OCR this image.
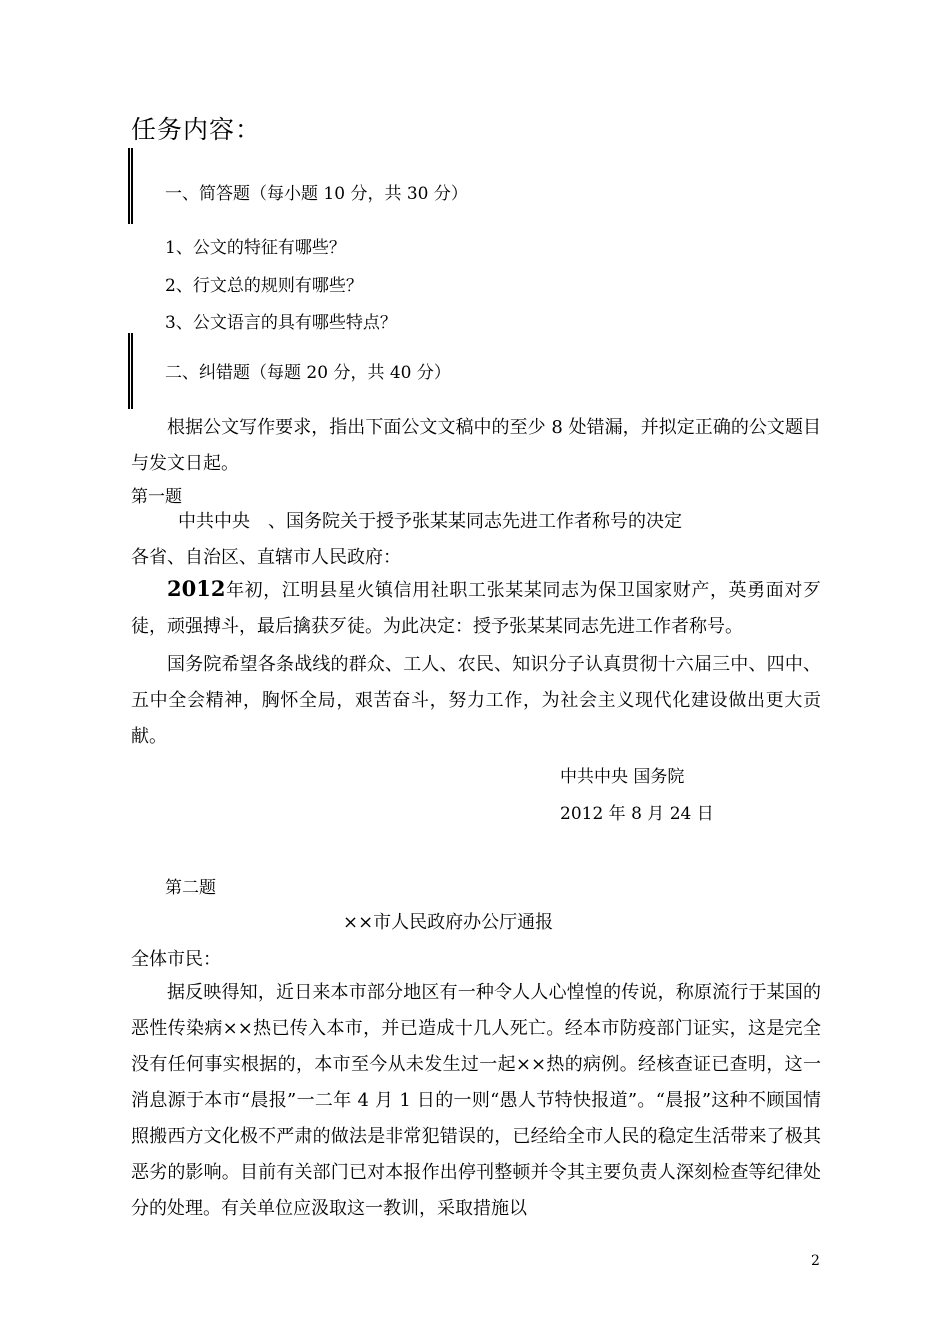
任务内容：
一、简答题（每小题 10 分，共 30 分）
1、公文的特征有哪些？
2、行文总的规则有哪些？
3、公文语言的具有哪些特点？
二、纠错题（每题 20 分，共 40 分）
根据公文写作要求，指出下面公文文稿中的至少 8 处错漏，并拟定正确的公文题目与发文日起。
第一题
中共中央　、国务院关于授予张某某同志先进工作者称号的决定
各省、自治区、直辖市人民政府：
2012年初，江明县星火镇信用社职工张某某同志为保卫国家财产，英勇面对歹徒，顽强搏斗，最后擒获歹徒。为此决定：授予张某某同志先进工作者称号。
国务院希望各条战线的群众、工人、农民、知识分子认真贯彻十六届三中、四中、五中全会精神，胸怀全局，艰苦奋斗，努力工作，为社会主义现代化建设做出更大贡献。
中共中央 国务院
2012 年 8 月 24 日
第二题
××市人民政府办公厅通报
全体市民：
据反映得知，近日来本市部分地区有一种令人人心惶惶的传说，称原流行于某国的恶性传染病××热已传入本市，并已造成十几人死亡。经本市防疫部门证实，这是完全没有任何事实根据的，本市至今从未发生过一起××热的病例。经核查证已查明，这一消息源于本市“晨报”一二年 4 月 1 日的一则“愚人节特快报道”。“晨报”这种不顾国情照搬西方文化极不严肃的做法是非常犯错误的，已经给全市人民的稳定生活带来了极其恶劣的影响。目前有关部门已对本报作出停刊整顿并令其主要负责人深刻检查等纪律处分的处理。有关单位应汲取这一教训，采取措施以
2
